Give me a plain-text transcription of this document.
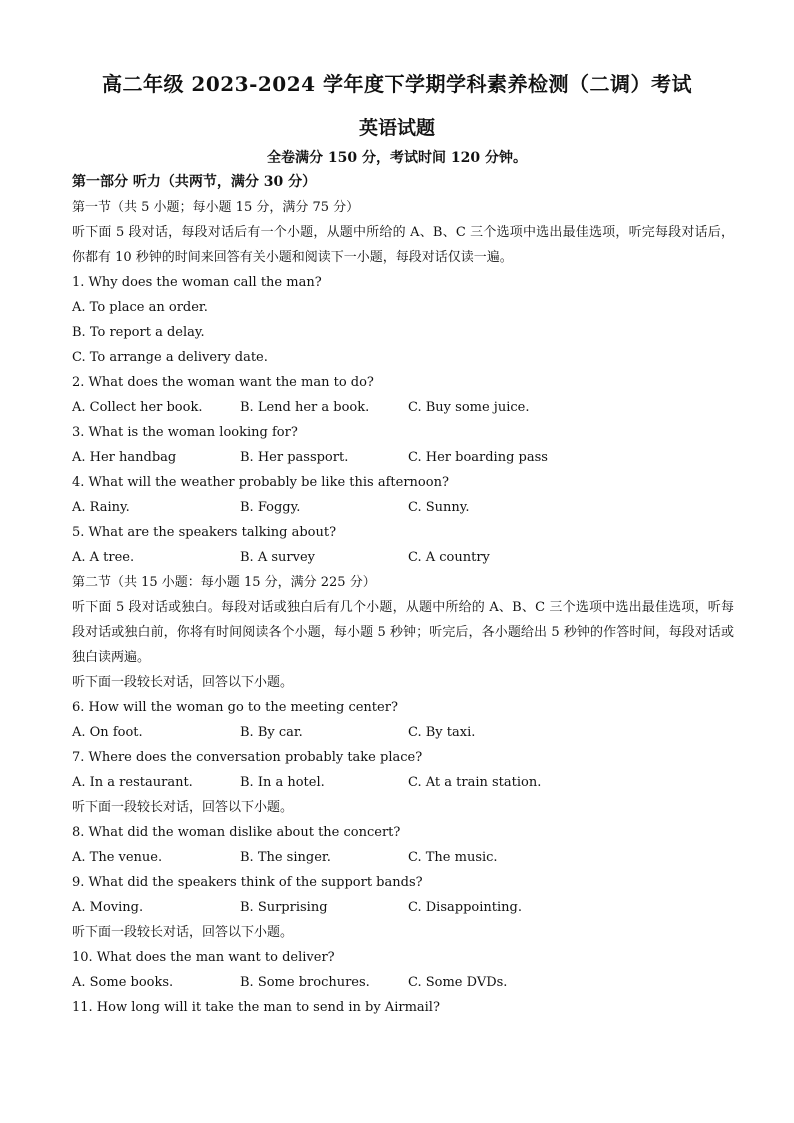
高二年级 2023-2024 学年度下学期学科素养检测（二调）考试
英语试题
全卷满分 150 分，考试时间 120 分钟。
第一部分 听力（共两节，满分 30 分）
第一节（共 5 小题；每小题 15 分，满分 75 分）
听下面 5 段对话，每段对话后有一个小题，从题中所给的 A、B、C 三个选项中选出最佳选项，听完每段对话后，你都有 10 秒钟的时间来回答有关小题和阅读下一小题，每段对话仅读一遍。
1. Why does the woman call the man?
A. To place an order.
B. To report a delay.
C. To arrange a delivery date.
2. What does the woman want the man to do?
A. Collect her book.	B. Lend her a book.	C. Buy some juice.
3. What is the woman looking for?
A. Her handbag	B. Her passport.	C. Her boarding pass
4. What will the weather probably be like this afternoon?
A. Rainy.	B. Foggy.	C. Sunny.
5. What are the speakers talking about?
A. A tree.	B. A survey	C. A country
第二节（共 15 小题：每小题 15 分，满分 225 分）
听下面 5 段对话或独白。每段对话或独白后有几个小题，从题中所给的 A、B、C 三个选项中选出最佳选项，听每段对话或独白前，你将有时间阅读各个小题，每小题 5 秒钟；听完后，各小题给出 5 秒钟的作答时间，每段对话或独白读两遍。
听下面一段较长对话，回答以下小题。
6. How will the woman go to the meeting center?
A. On foot.	B. By car.	C. By taxi.
7. Where does the conversation probably take place?
A. In a restaurant.	B. In a hotel.	C. At a train station.
听下面一段较长对话，回答以下小题。
8. What did the woman dislike about the concert?
A. The venue.	B. The singer.	C. The music.
9. What did the speakers think of the support bands?
A. Moving.	B. Surprising	C. Disappointing.
听下面一段较长对话，回答以下小题。
10. What does the man want to deliver?
A. Some books.	B. Some brochures.	C. Some DVDs.
11. How long will it take the man to send in by Airmail?
